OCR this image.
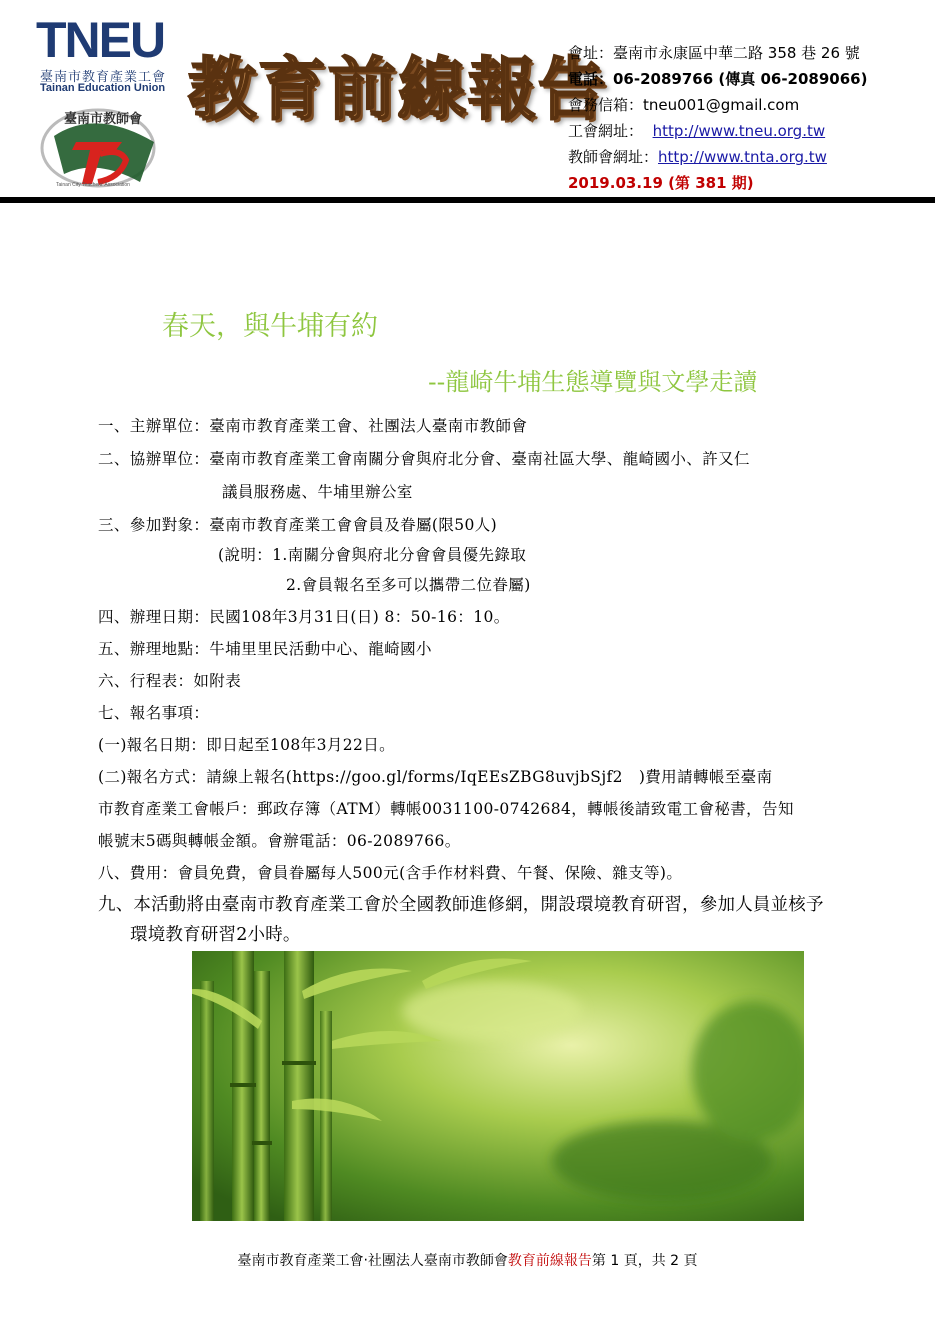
TNEU
臺南市教育產業工會
Tainan Education Union
臺南市教師會
Tainan City Teachers' Association
教育前線報告
會址：臺南市永康區中華二路 358 巷 26 號
電話：06-2089766 (傳真 06-2089066)
會務信箱：tneu001@gmail.com
工會網址： http://www.tneu.org.tw
教師會網址：http://www.tnta.org.tw
2019.03.19 (第 381 期)
春天，與牛埔有約
--龍崎牛埔生態導覽與文學走讀
一、主辦單位：臺南市教育產業工會、社團法人臺南市教師會
二、協辦單位：臺南市教育產業工會南關分會與府北分會、臺南社區大學、龍崎國小、許又仁
議員服務處、牛埔里辦公室
三、參加對象：臺南市教育產業工會會員及眷屬(限50人)
(說明：1.南關分會與府北分會會員優先錄取
2.會員報名至多可以攜帶二位眷屬)
四、辦理日期：民國108年3月31日(日) 8：50-16：10。
五、辦理地點：牛埔里里民活動中心、龍崎國小
六、行程表：如附表
七、報名事項：
(一)報名日期：即日起至108年3月22日。
(二)報名方式：請線上報名(https://goo.gl/forms/IqEEsZBG8uvjbSjf2　)費用請轉帳至臺南
市教育產業工會帳戶：郵政存簿（ATM）轉帳0031100-0742684，轉帳後請致電工會秘書，告知
帳號末5碼與轉帳金額。會辦電話：06-2089766。
八、費用：會員免費，會員眷屬每人500元(含手作材料費、午餐、保險、雜支等)。
九、本活動將由臺南市教育產業工會於全國教師進修網，開設環境教育研習，參加人員並核予
環境教育研習2小時。
臺南市教育產業工會‧社團法人臺南市教師會教育前線報告第 1 頁，共 2 頁
